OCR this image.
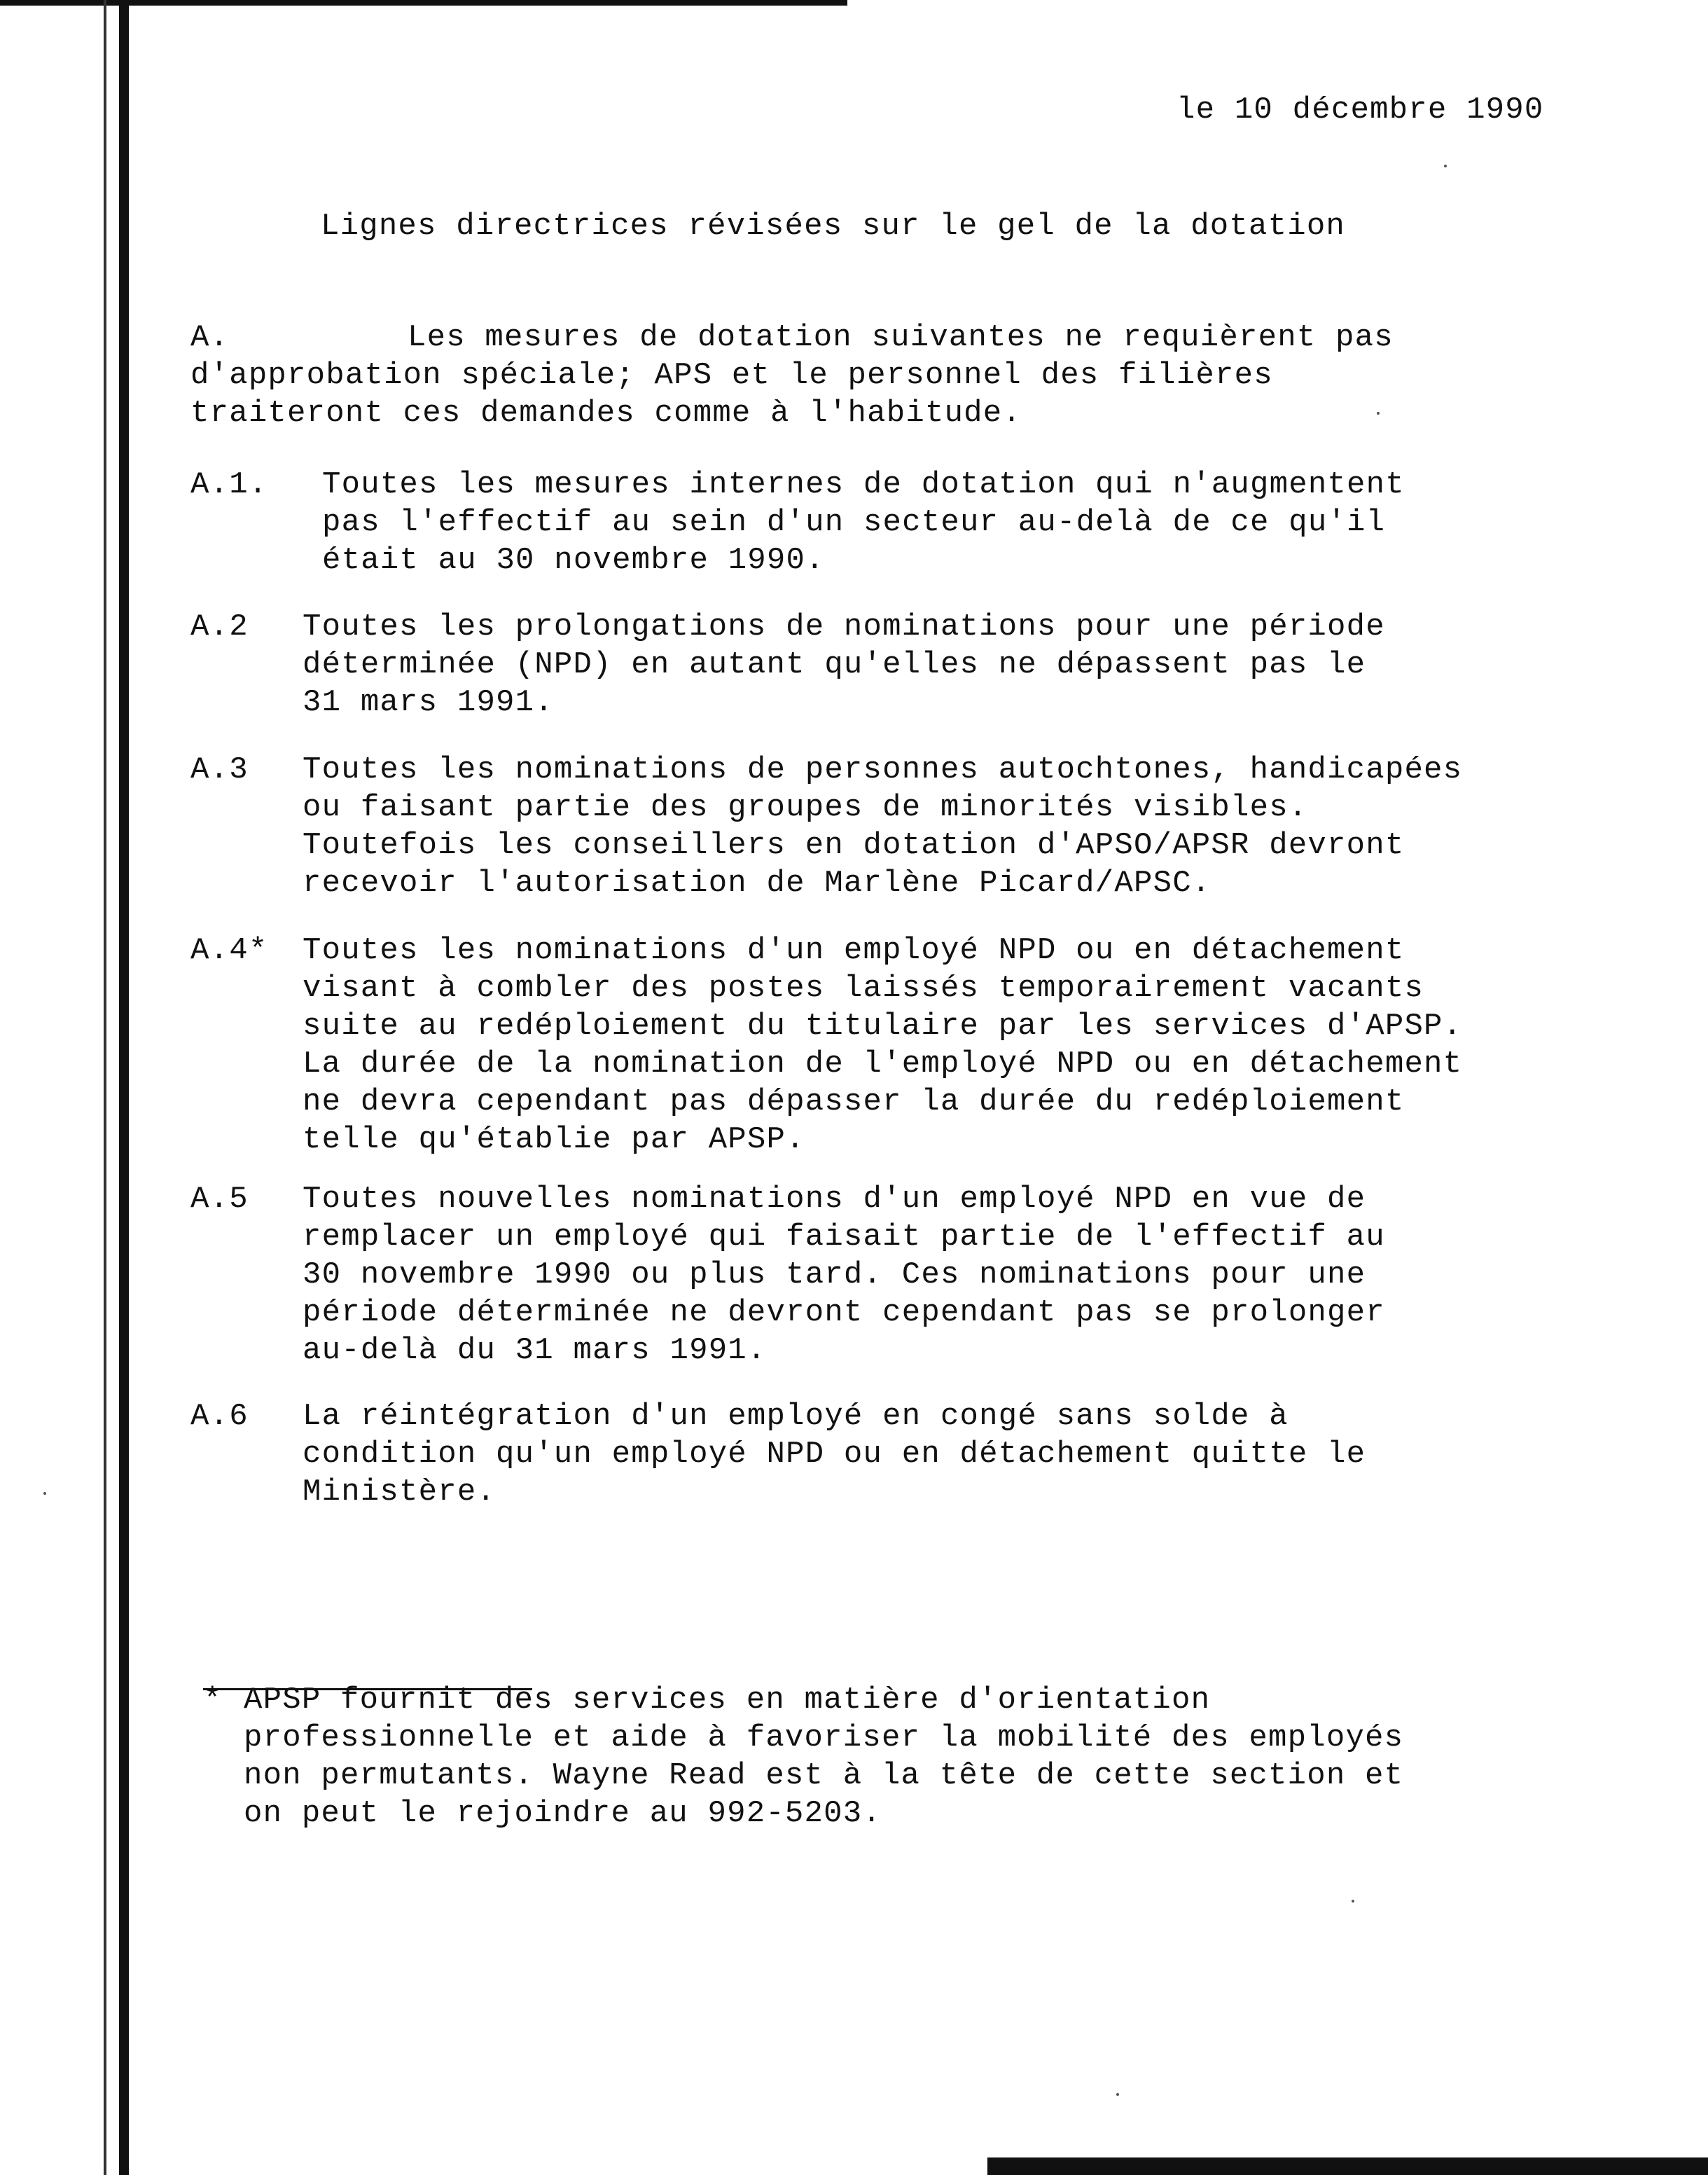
le 10 décembre 1990
Lignes directrices révisées sur le gel de la dotation
A.	Les mesures de dotation suivantes ne requièrent pas
d'approbation spéciale; APS et le personnel des filières
traiteront ces demandes comme à l'habitude.
A.1. Toutes les mesures internes de dotation qui n'augmentent
pas l'effectif au sein d'un secteur au-delà de ce qu'il
était au 30 novembre 1990.
A.2 Toutes les prolongations de nominations pour une période
déterminée (NPD) en autant qu'elles ne dépassent pas le
31 mars 1991.
A.3 Toutes les nominations de personnes autochtones, handicapées
ou faisant partie des groupes de minorités visibles.
Toutefois les conseillers en dotation d'APSO/APSR devront
recevoir l'autorisation de Marlène Picard/APSC.
A.4* Toutes les nominations d'un employé NPD ou en détachement
visant à combler des postes laissés temporairement vacants
suite au redéploiement du titulaire par les services d'APSP.
La durée de la nomination de l'employé NPD ou en détachement
ne devra cependant pas dépasser la durée du redéploiement
telle qu'établie par APSP.
A.5 Toutes nouvelles nominations d'un employé NPD en vue de
remplacer un employé qui faisait partie de l'effectif au
30 novembre 1990 ou plus tard. Ces nominations pour une
période déterminée ne devront cependant pas se prolonger
au-delà du 31 mars 1991.
A.6 La réintégration d'un employé en congé sans solde à
condition qu'un employé NPD ou en détachement quitte le
Ministère.
* APSP fournit des services en matière d'orientation
professionnelle et aide à favoriser la mobilité des employés
non permutants. Wayne Read est à la tête de cette section et
on peut le rejoindre au 992-5203.
